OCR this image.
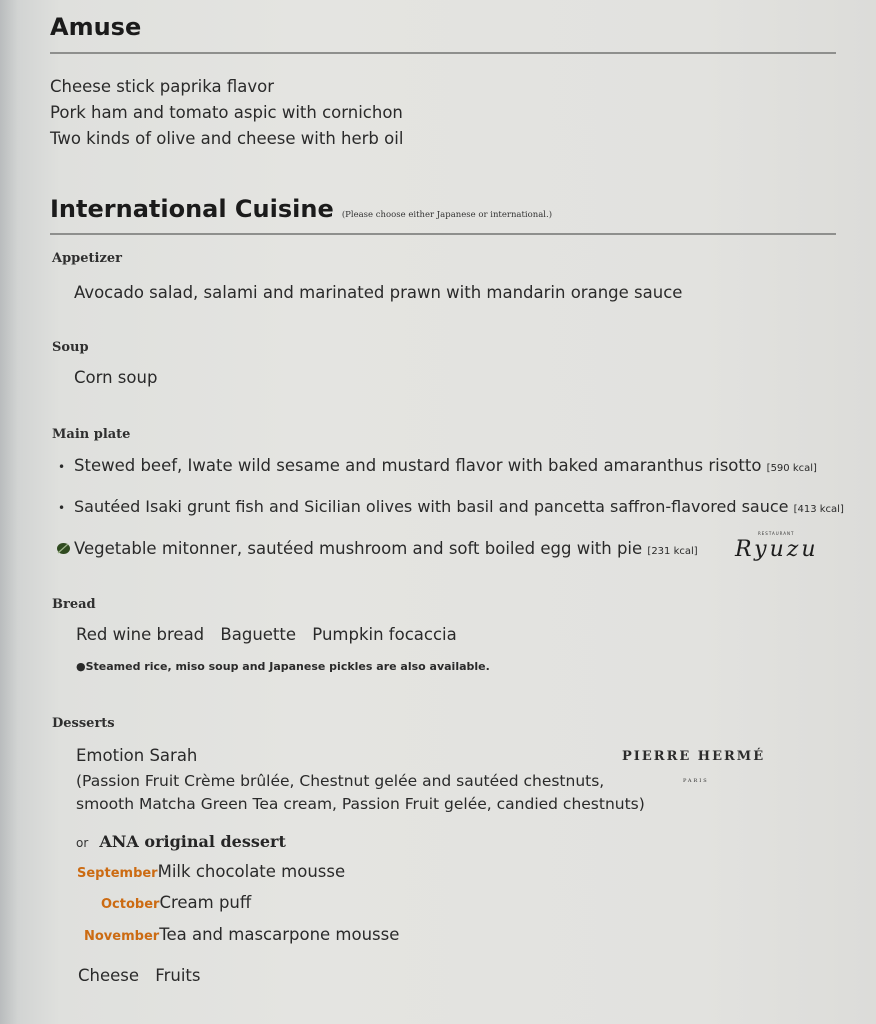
Amuse
Cheese stick paprika flavor
Pork ham and tomato aspic with cornichon
Two kinds of olive and cheese with herb oil
International Cuisine (Please choose either Japanese or international.)
Appetizer
Avocado salad, salami and marinated prawn with mandarin orange sauce
Soup
Corn soup
Main plate
• Stewed beef, Iwate wild sesame and mustard flavor with baked amaranthus risotto [590 kcal]
• Sautéed Isaki grunt fish and Sicilian olives with basil and pancetta saffron-flavored sauce [413 kcal]
Vegetable mitonner, sautéed mushroom and soft boiled egg with pie [231 kcal]
RESTAURANT
Ryuzu
Bread
Red wine bread Baguette Pumpkin focaccia
●Steamed rice, miso soup and Japanese pickles are also available.
Desserts
Emotion Sarah	PIERRE HERMÉ
PARIS
(Passion Fruit Crème brûlée, Chestnut gelée and sautéed chestnuts,
smooth Matcha Green Tea cream, Passion Fruit gelée, candied chestnuts)
or ANA original dessert
SeptemberMilk chocolate mousse
OctoberCream puff
NovemberTea and mascarpone mousse
Cheese Fruits
